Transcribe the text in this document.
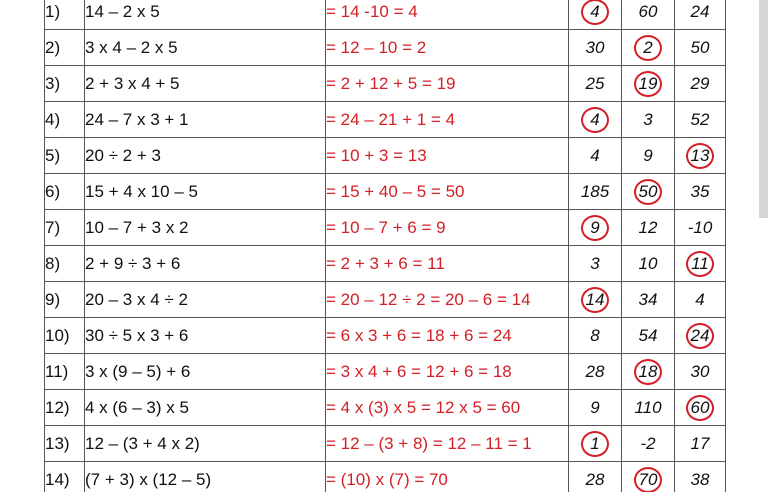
1)	14 – 2 x 5	= 14 -10 = 4	4	60	24
2)	3 x 4 – 2 x 5	= 12 – 10 = 2	30	2	50
3)	2 + 3 x 4 + 5	= 2 + 12 + 5 = 19	25	19	29
4)	24 – 7 x 3 + 1	= 24 – 21 + 1 = 4	4	3	52
5)	20 ÷ 2 + 3	= 10 + 3 = 13	4	9	13
6)	15 + 4 x 10 – 5	= 15 + 40 – 5 = 50	185	50	35
7)	10 – 7 + 3 x 2	= 10 – 7 + 6 = 9	9	12	-10
8)	2 + 9 ÷ 3 + 6	= 2 + 3 + 6 = 11	3	10	11
9)	20 – 3 x 4 ÷ 2	= 20 – 12 ÷ 2 = 20 – 6 = 14	14	34	4
10)	30 ÷ 5 x 3 + 6	= 6 x 3 + 6 = 18 + 6 = 24	8	54	24
11)	3 x (9 – 5) + 6	= 3 x 4 + 6 = 12 + 6 = 18	28	18	30
12)	4 x (6 – 3) x 5	= 4 x (3) x 5 = 12 x 5 = 60	9	110	60
13)	12 – (3 + 4 x 2)	= 12 – (3 + 8) = 12 – 11 = 1	1	-2	17
14)	(7 + 3) x (12 – 5)	= (10) x (7) = 70	28	70	38
